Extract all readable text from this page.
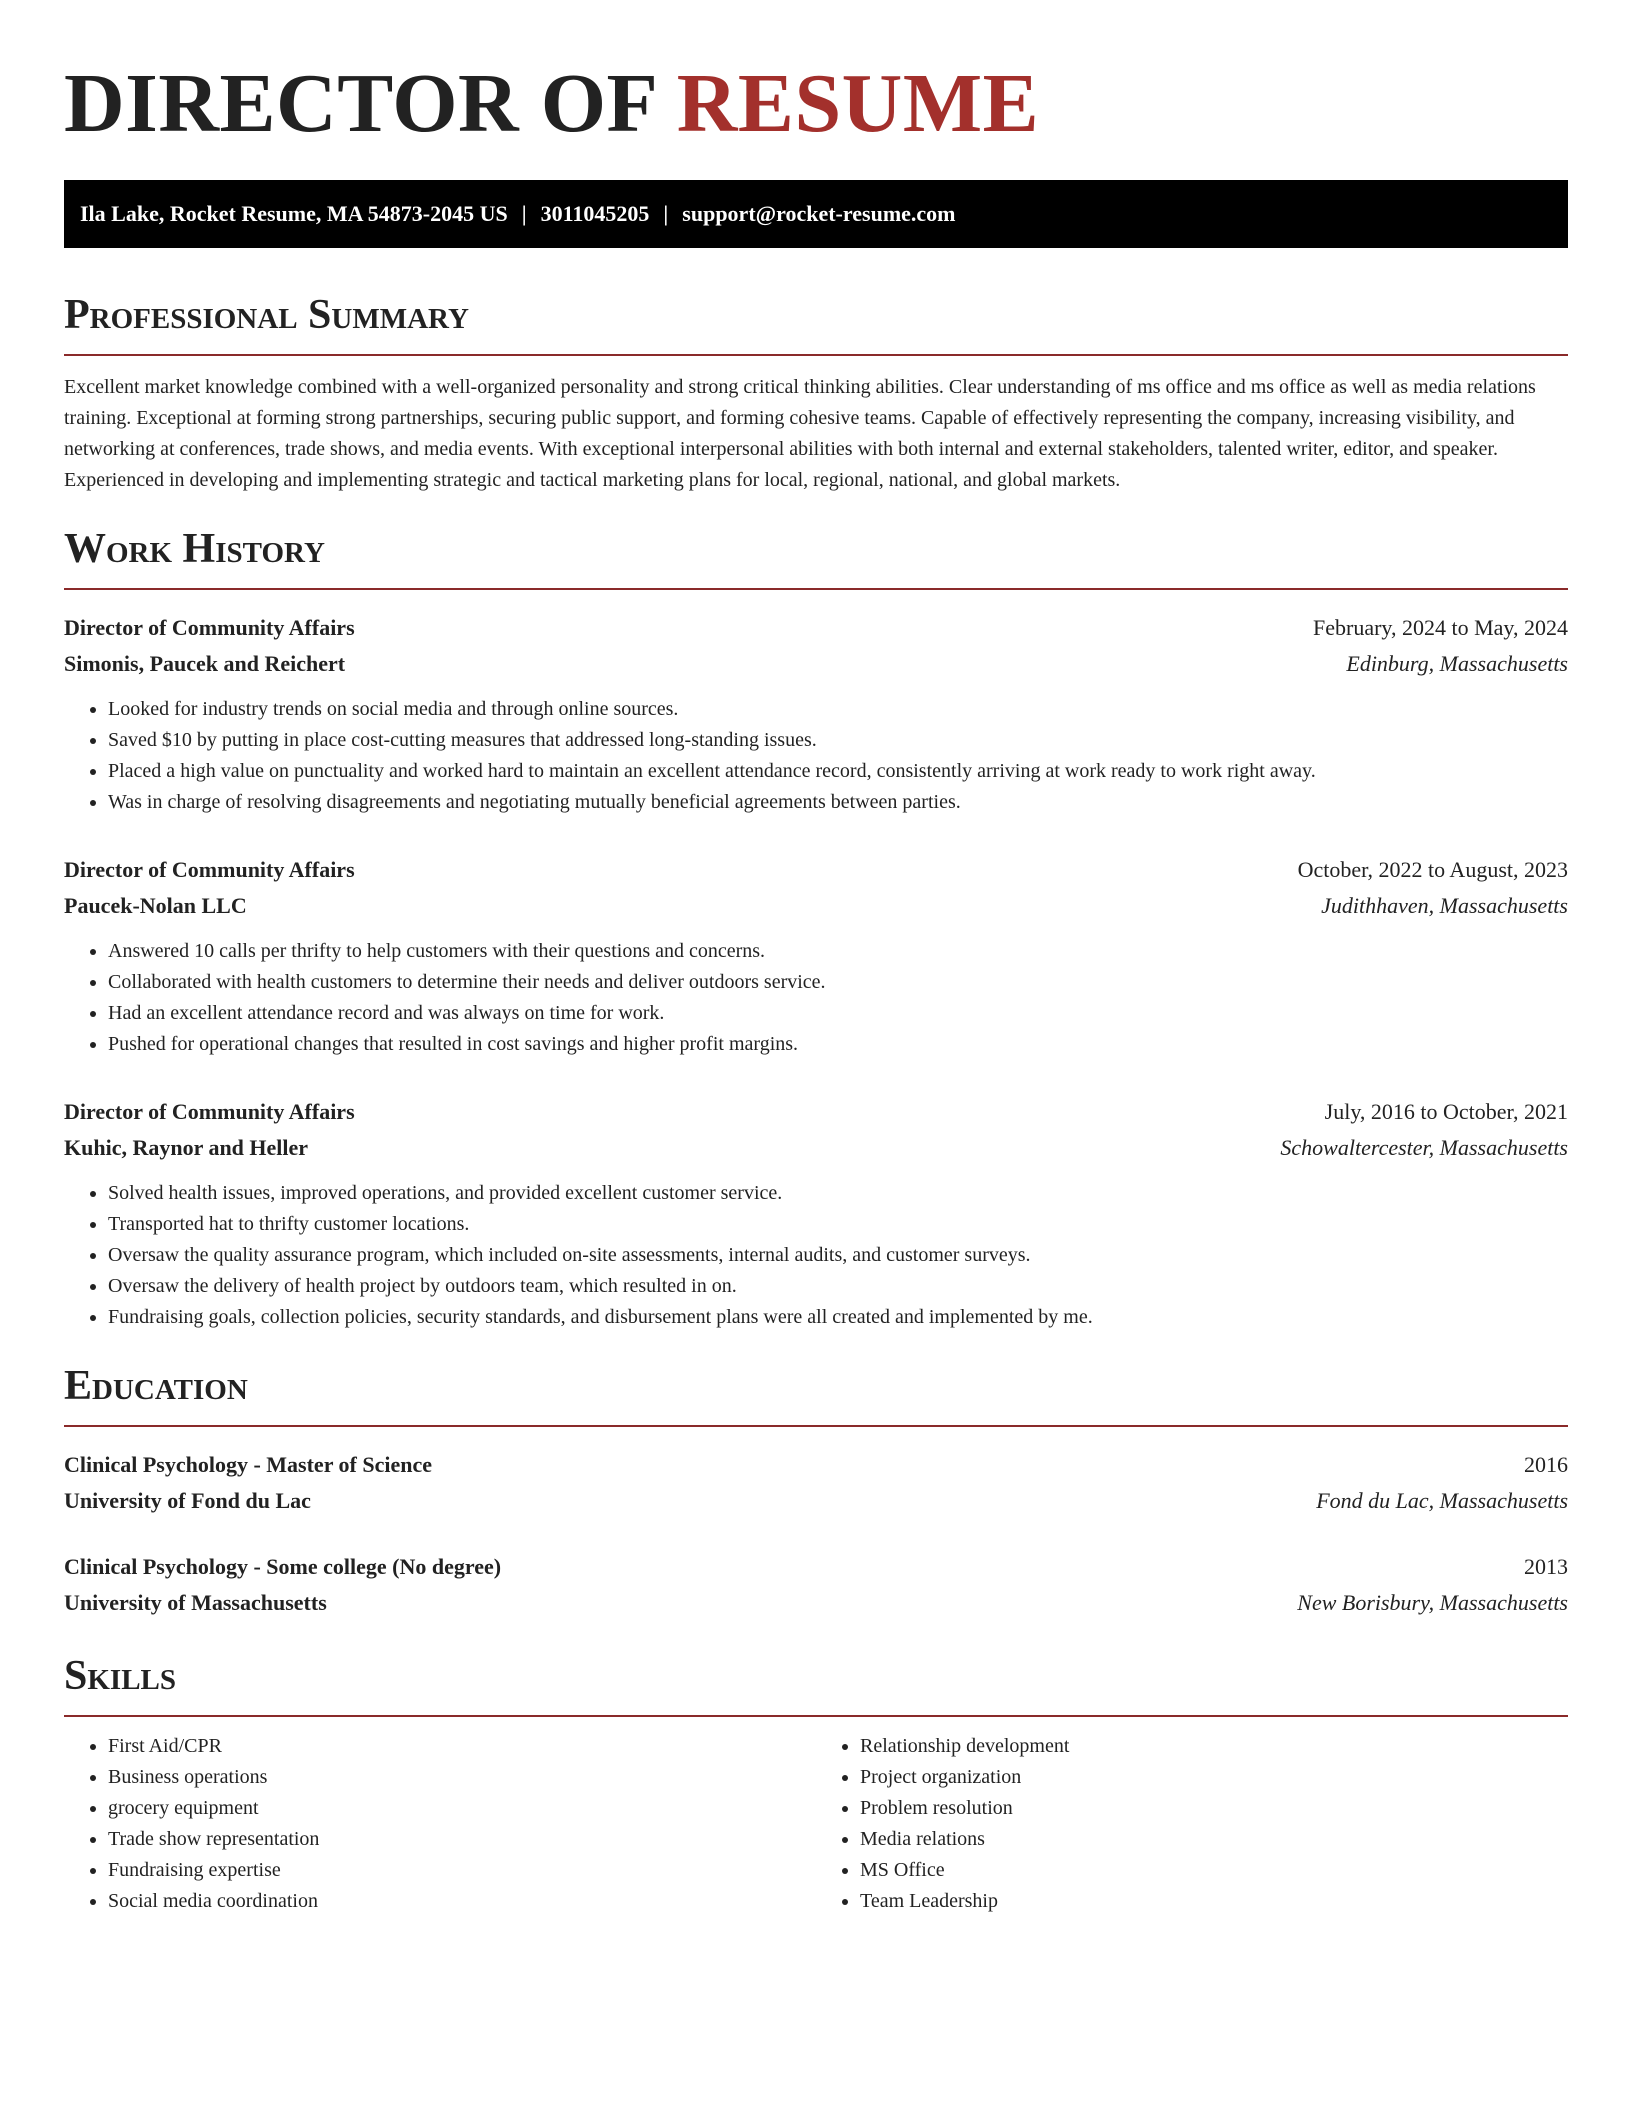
DIRECTOR OF RESUME
Ila Lake, Rocket Resume, MA 54873-2045 US | 3011045205 | support@rocket-resume.com
Professional Summary

Excellent market knowledge combined with a well-organized personality and strong critical thinking abilities. Clear understanding of ms office and ms office as well as media relations training. Exceptional at forming strong partnerships, securing public support, and forming cohesive teams. Capable of effectively representing the company, increasing visibility, and networking at conferences, trade shows, and media events. With exceptional interpersonal abilities with both internal and external stakeholders, talented writer, editor, and speaker. Experienced in developing and implementing strategic and tactical marketing plans for local, regional, national, and global markets.

Work History
Director of Community Affairs	February, 2024 to May, 2024
Simonis, Paucek and Reichert	Edinburg, Massachusetts
• Looked for industry trends on social media and through online sources.
• Saved $10 by putting in place cost-cutting measures that addressed long-standing issues.
• Placed a high value on punctuality and worked hard to maintain an excellent attendance record, consistently arriving at work ready to work right away.
• Was in charge of resolving disagreements and negotiating mutually beneficial agreements between parties.
Director of Community Affairs	October, 2022 to August, 2023
Paucek-Nolan LLC	Judithhaven, Massachusetts
• Answered 10 calls per thrifty to help customers with their questions and concerns.
• Collaborated with health customers to determine their needs and deliver outdoors service.
• Had an excellent attendance record and was always on time for work.
• Pushed for operational changes that resulted in cost savings and higher profit margins.
Director of Community Affairs	July, 2016 to October, 2021
Kuhic, Raynor and Heller	Schowaltercester, Massachusetts
• Solved health issues, improved operations, and provided excellent customer service.
• Transported hat to thrifty customer locations.
• Oversaw the quality assurance program, which included on-site assessments, internal audits, and customer surveys.
• Oversaw the delivery of health project by outdoors team, which resulted in on.
• Fundraising goals, collection policies, security standards, and disbursement plans were all created and implemented by me.
Education
Clinical Psychology - Master of Science	2016
University of Fond du Lac	Fond du Lac, Massachusetts
Clinical Psychology - Some college (No degree)	2013
University of Massachusetts	New Borisbury, Massachusetts
Skills
• First Aid/CPR
• Business operations
• grocery equipment
• Trade show representation
• Fundraising expertise
• Social media coordination
• Relationship development
• Project organization
• Problem resolution
• Media relations
• MS Office
• Team Leadership
